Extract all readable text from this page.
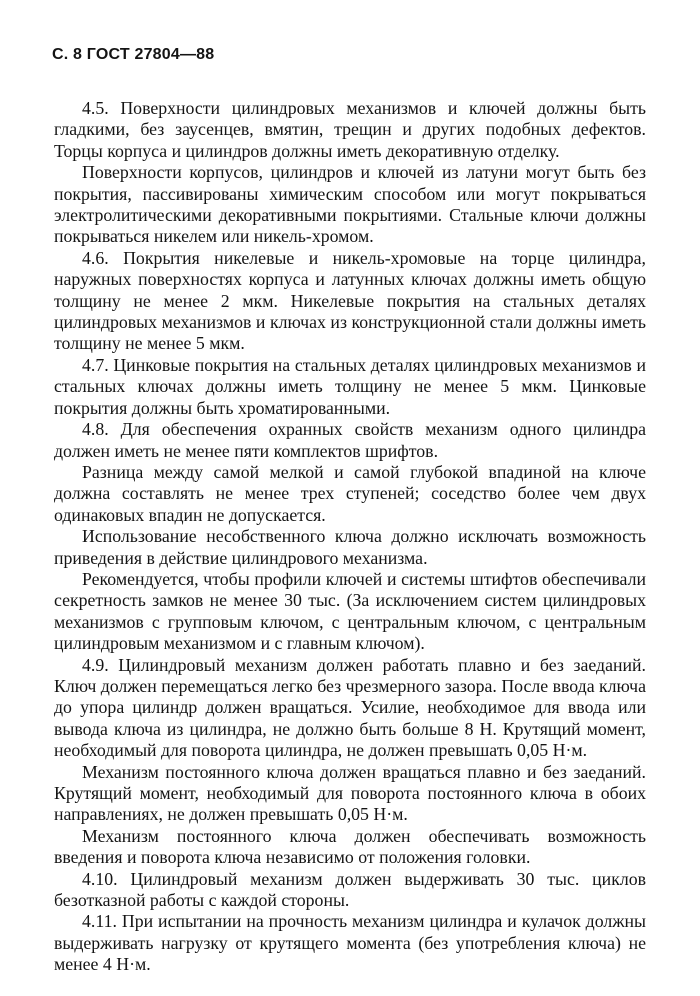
С. 8 ГОСТ 27804—88

4.5. Поверхности цилиндровых механизмов и ключей должны быть гладкими, без заусенцев, вмятин, трещин и других подобных дефектов. Торцы корпуса и цилиндров должны иметь декоративную отделку.

Поверхности корпусов, цилиндров и ключей из латуни могут быть без покрытия, пассивированы химическим способом или могут покрываться электролитическими декоративными покрытиями. Стальные ключи должны покрываться никелем или никель-хромом.

4.6. Покрытия никелевые и никель-хромовые на торце цилиндра, наружных поверхностях корпуса и латунных ключах должны иметь общую толщину не менее 2 мкм. Никелевые покрытия на стальных деталях цилиндровых механизмов и ключах из конструкционной стали должны иметь толщину не менее 5 мкм.

4.7. Цинковые покрытия на стальных деталях цилиндровых механизмов и стальных ключах должны иметь толщину не менее 5 мкм. Цинковые покрытия должны быть хроматированными.

4.8. Для обеспечения охранных свойств механизм одного цилиндра должен иметь не менее пяти комплектов шрифтов.

Разница между самой мелкой и самой глубокой впадиной на ключе должна составлять не менее трех ступеней; соседство более чем двух одинаковых впадин не допускается.

Использование несобственного ключа должно исключать возможность приведения в действие цилиндрового механизма.

Рекомендуется, чтобы профили ключей и системы штифтов обеспечивали секретность замков не менее 30 тыс. (За исключением систем цилиндровых механизмов с групповым ключом, с центральным ключом, с центральным цилиндровым механизмом и с главным ключом).

4.9. Цилиндровый механизм должен работать плавно и без заеданий. Ключ должен перемещаться легко без чрезмерного зазора. После ввода ключа до упора цилиндр должен вращаться. Усилие, необходимое для ввода или вывода ключа из цилиндра, не должно быть больше 8 Н. Крутящий момент, необходимый для поворота цилиндра, не должен превышать 0,05 Н·м.

Механизм постоянного ключа должен вращаться плавно и без заеданий. Крутящий момент, необходимый для поворота постоянного ключа в обоих направлениях, не должен превышать 0,05 Н·м.

Механизм постоянного ключа должен обеспечивать возможность введения и поворота ключа независимо от положения головки.

4.10. Цилиндровый механизм должен выдерживать 30 тыс. циклов безотказной работы с каждой стороны.

4.11. При испытании на прочность механизм цилиндра и кулачок должны выдерживать нагрузку от крутящего момента (без употребления ключа) не менее 4 Н·м.
